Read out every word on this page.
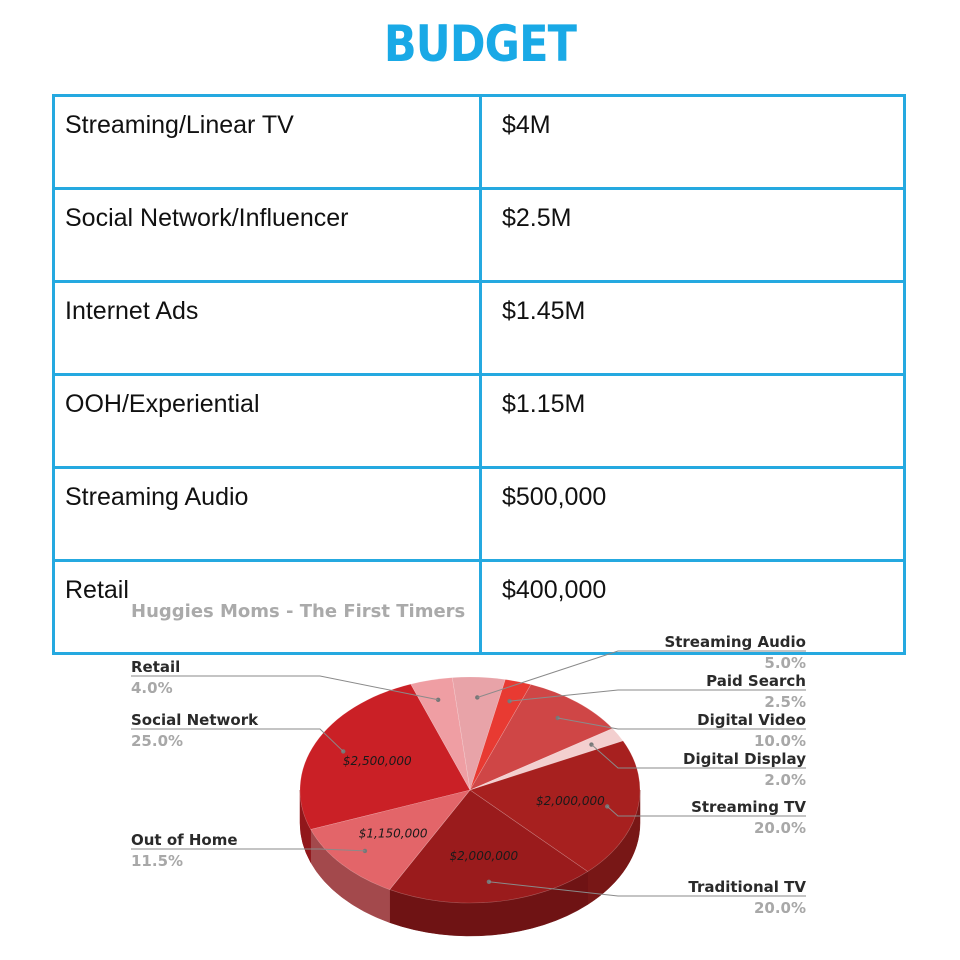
BUDGET
Streaming/Linear TV	$4M
Social Network/Influencer	$2.5M
Internet Ads	$1.45M
OOH/Experiential	$1.15M
Streaming Audio	$500,000
Retail	$400,000
Huggies Moms - The First Timers
$2,000,000
$2,000,000
$1,150,000
$2,500,000
Streaming Audio
5.0%
Paid Search
2.5%
Digital Video
10.0%
Digital Display
2.0%
Streaming TV
20.0%
Traditional TV
20.0%
Out of Home
11.5%
Social Network
25.0%
Retail
4.0%
